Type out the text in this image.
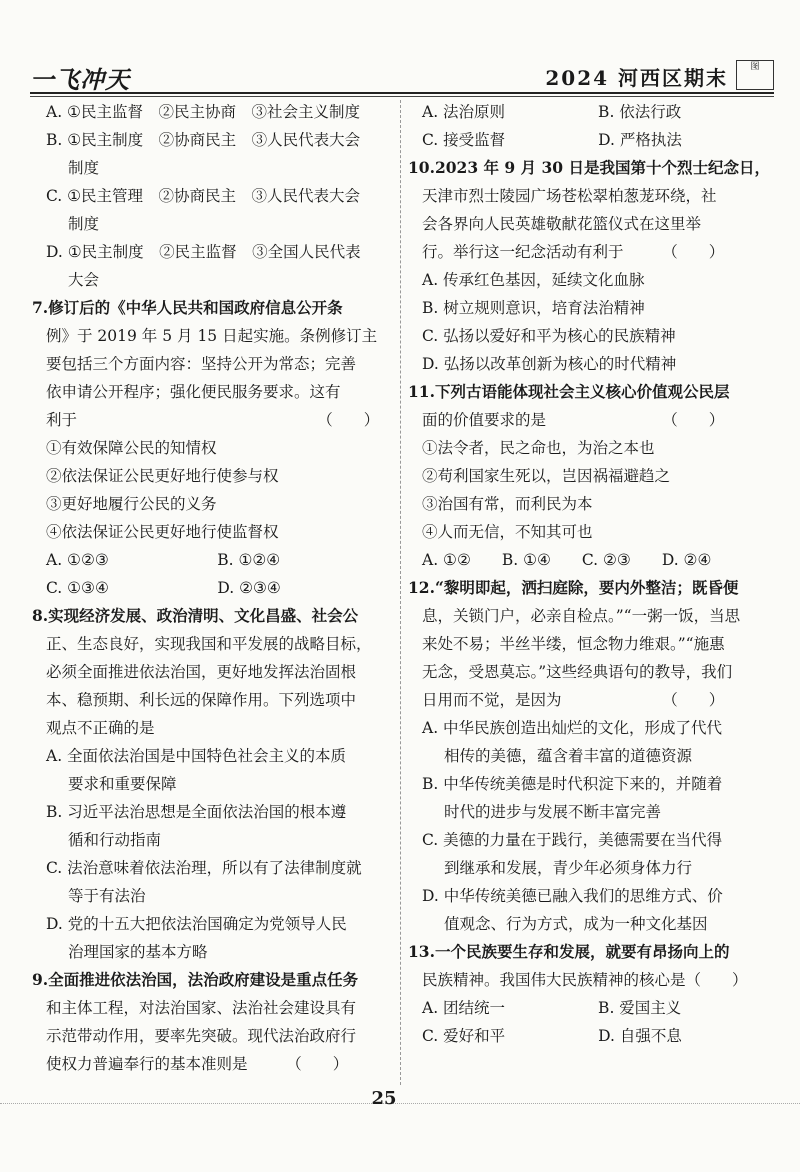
一飞冲天	2024 河西区期末	图
A. ①民主监督　②民主协商　③社会主义制度
B. ①民主制度　②协商民主　③人民代表大会
制度
C. ①民主管理　②协商民主　③人民代表大会
制度
D. ①民主制度　②民主监督　③全国人民代表
大会
7.修订后的《中华人民共和国政府信息公开条
例》于 2019 年 5 月 15 日起实施。条例修订主
要包括三个方面内容：坚持公开为常态；完善
依申请公开程序；强化便民服务要求。这有
利于　　　　　　　　　　　　　　　　（　　）
①有效保障公民的知情权
②依法保证公民更好地行使参与权
③更好地履行公民的义务
④依法保证公民更好地行使监督权
A. ①②③　　　　　　　B. ①②④
C. ①③④　　　　　　　D. ②③④
8.实现经济发展、政治清明、文化昌盛、社会公
正、生态良好，实现我国和平发展的战略目标，
必须全面推进依法治国，更好地发挥法治固根
本、稳预期、利长远的保障作用。下列选项中
观点不正确的是
A. 全面依法治国是中国特色社会主义的本质
要求和重要保障
B. 习近平法治思想是全面依法治国的根本遵
循和行动指南
C. 法治意味着依法治理，所以有了法律制度就
等于有法治
D. 党的十五大把依法治国确定为党领导人民
治理国家的基本方略
9.全面推进依法治国，法治政府建设是重点任务
和主体工程，对法治国家、法治社会建设具有
示范带动作用，要率先突破。现代法治政府行
使权力普遍奉行的基本准则是　　　（　　）
A. 法治原则　　　　　　B. 依法行政
C. 接受监督　　　　　　D. 严格执法
10.2023 年 9 月 30 日是我国第十个烈士纪念日，
天津市烈士陵园广场苍松翠柏葱茏环绕，社
会各界向人民英雄敬献花篮仪式在这里举
行。举行这一纪念活动有利于　　　（　　）
A. 传承红色基因，延续文化血脉
B. 树立规则意识，培育法治精神
C. 弘扬以爱好和平为核心的民族精神
D. 弘扬以改革创新为核心的时代精神
11.下列古语能体现社会主义核心价值观公民层
面的价值要求的是　　　　　　　　（　　）
①法令者，民之命也，为治之本也
②苟利国家生死以，岂因祸福避趋之
③治国有常，而利民为本
④人而无信，不知其可也
A. ①②　　B. ①④　　C. ②③　　D. ②④
12.“黎明即起，洒扫庭除，要内外整洁；既昏便
息，关锁门户，必亲自检点。”“一粥一饭，当思
来处不易；半丝半缕，恒念物力维艰。”“施惠
无念，受恩莫忘。”这些经典语句的教导，我们
日用而不觉，是因为　　　　　　　（　　）
A. 中华民族创造出灿烂的文化，形成了代代
相传的美德，蕴含着丰富的道德资源
B. 中华传统美德是时代积淀下来的，并随着
时代的进步与发展不断丰富完善
C. 美德的力量在于践行，美德需要在当代得
到继承和发展，青少年必须身体力行
D. 中华传统美德已融入我们的思维方式、价
值观念、行为方式，成为一种文化基因
13.一个民族要生存和发展，就要有昂扬向上的
民族精神。我国伟大民族精神的核心是（　　）
A. 团结统一　　　　　　B. 爱国主义
C. 爱好和平　　　　　　D. 自强不息
25
